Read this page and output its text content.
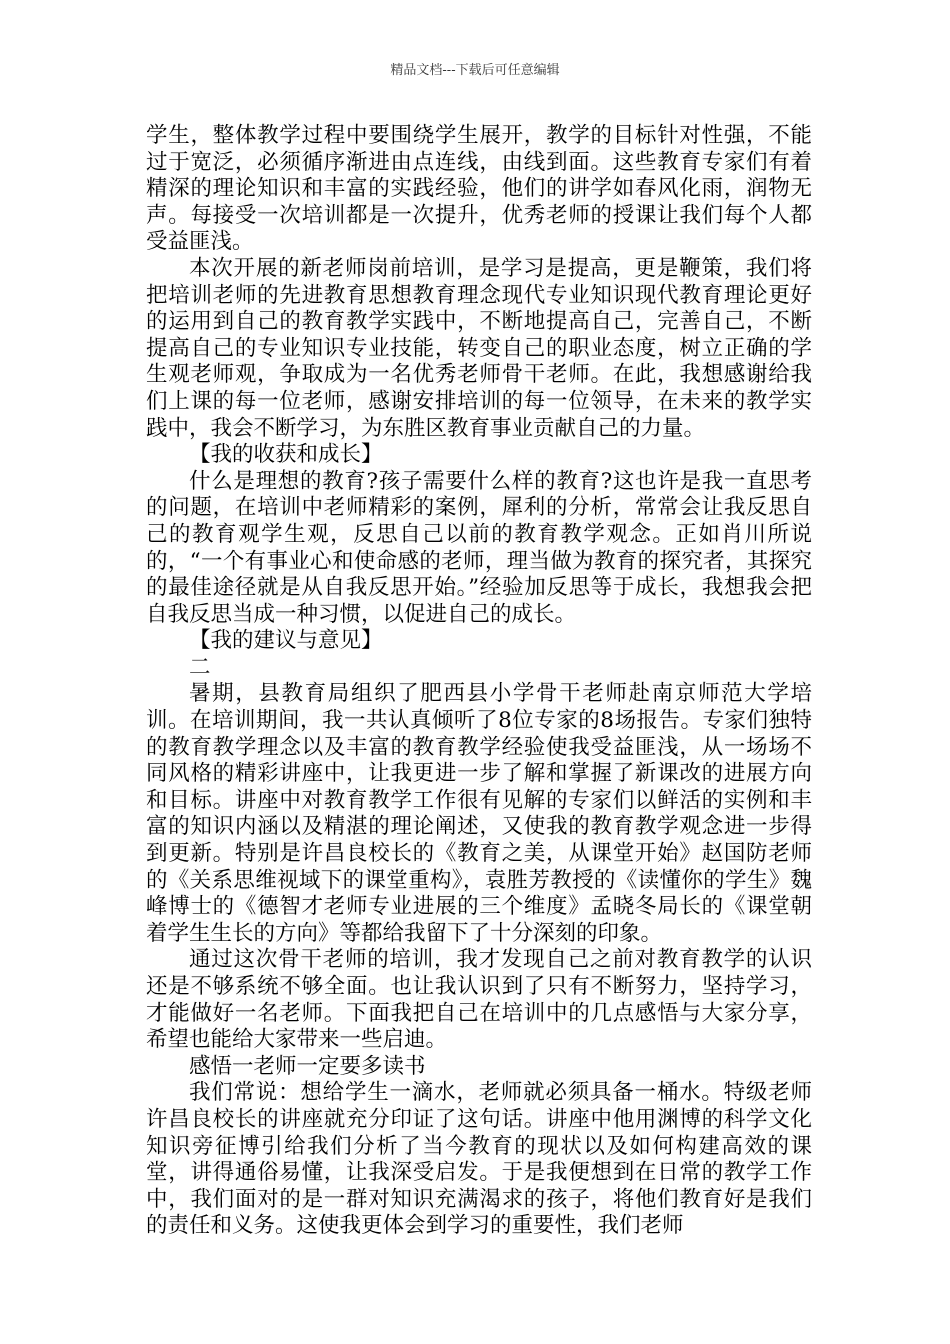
精品文档---下载后可任意编辑

学生，整体教学过程中要围绕学生展开，教学的目标针对性强，不能过于宽泛，必须循序渐进由点连线，由线到面。这些教育专家们有着精深的理论知识和丰富的实践经验，他们的讲学如春风化雨，润物无声。每接受一次培训都是一次提升，优秀老师的授课让我们每个人都受益匪浅。

本次开展的新老师岗前培训，是学习是提高，更是鞭策，我们将把培训老师的先进教育思想教育理念现代专业知识现代教育理论更好的运用到自己的教育教学实践中，不断地提高自己，完善自己，不断提高自己的专业知识专业技能，转变自己的职业态度，树立正确的学生观老师观，争取成为一名优秀老师骨干老师。在此，我想感谢给我们上课的每一位老师，感谢安排培训的每一位领导，在未来的教学实践中，我会不断学习，为东胜区教育事业贡献自己的力量。

【我的收获和成长】

什么是理想的教育?孩子需要什么样的教育?这也许是我一直思考的问题，在培训中老师精彩的案例，犀利的分析，常常会让我反思自己的教育观学生观，反思自己以前的教育教学观念。正如肖川所说的，“一个有事业心和使命感的老师，理当做为教育的探究者，其探究的最佳途径就是从自我反思开始。”经验加反思等于成长，我想我会把自我反思当成一种习惯，以促进自己的成长。

【我的建议与意见】

二

暑期，县教育局组织了肥西县小学骨干老师赴南京师范大学培训。在培训期间，我一共认真倾听了8位专家的8场报告。专家们独特的教育教学理念以及丰富的教育教学经验使我受益匪浅，从一场场不同风格的精彩讲座中，让我更进一步了解和掌握了新课改的进展方向和目标。讲座中对教育教学工作很有见解的专家们以鲜活的实例和丰富的知识内涵以及精湛的理论阐述，又使我的教育教学观念进一步得到更新。特别是许昌良校长的《教育之美，从课堂开始》赵国防老师的《关系思维视域下的课堂重构》，袁胜芳教授的《读懂你的学生》魏峰博士的《德智才老师专业进展的三个维度》孟晓冬局长的《课堂朝着学生生长的方向》等都给我留下了十分深刻的印象。

通过这次骨干老师的培训，我才发现自己之前对教育教学的认识还是不够系统不够全面。也让我认识到了只有不断努力，坚持学习，才能做好一名老师。下面我把自己在培训中的几点感悟与大家分享，希望也能给大家带来一些启迪。

感悟一老师一定要多读书

我们常说：想给学生一滴水，老师就必须具备一桶水。特级老师许昌良校长的讲座就充分印证了这句话。讲座中他用渊博的科学文化知识旁征博引给我们分析了当今教育的现状以及如何构建高效的课堂，讲得通俗易懂，让我深受启发。于是我便想到在日常的教学工作中，我们面对的是一群对知识充满渴求的孩子，将他们教育好是我们的责任和义务。这使我更体会到学习的重要性，我们老师
